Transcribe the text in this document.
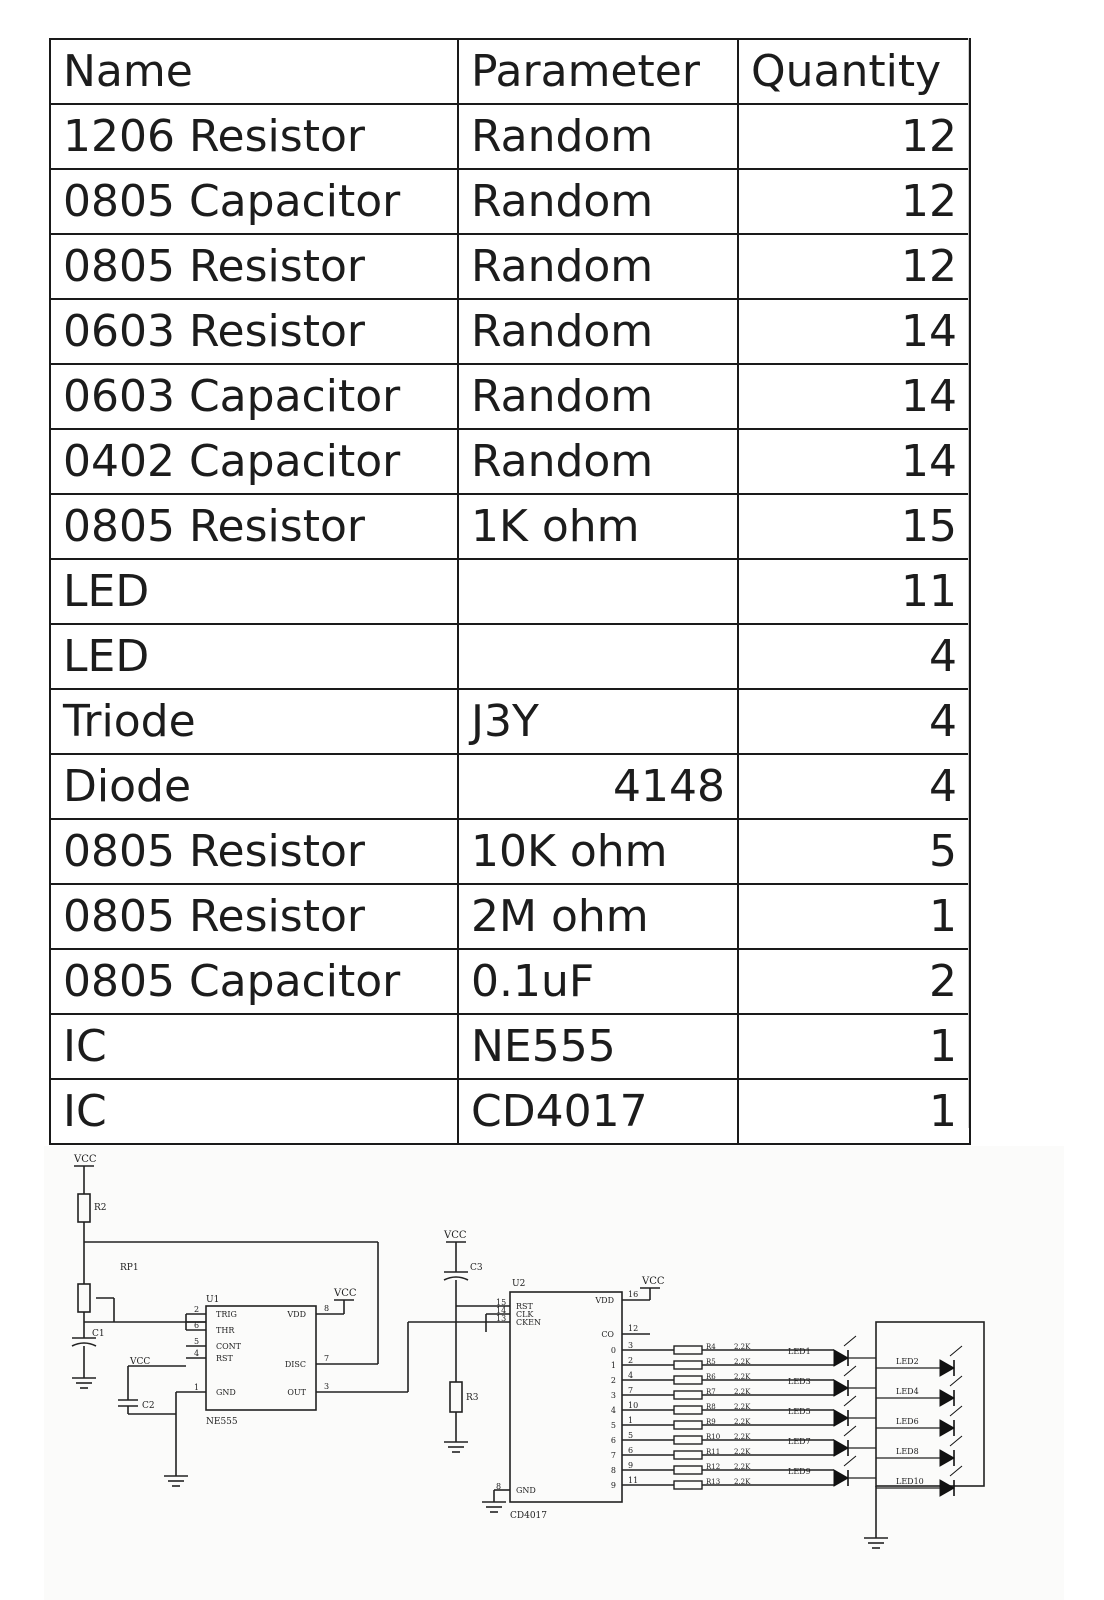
Name	Parameter	Quantity
1206 Resistor	Random	12
0805 Capacitor	Random	12
0805 Resistor	Random	12
0603 Resistor	Random	14
0603 Capacitor	Random	14
0402 Capacitor	Random	14
0805 Resistor	1K ohm	15
LED		11
LED		4
Triode	J3Y	4
Diode	4148	4
0805 Resistor	10K ohm	5
0805 Resistor	2M ohm	1
0805 Capacitor	0.1uF	2
IC	NE555	1
IC	CD4017	1
VCC
R2
RP1
C1
VCC
VCC
C2
U1
NE555
VCC
C3
R3
U2
CD4017
VCC
2
TRIG
6
THR
5
CONT
4
RST
1
GND
VDD
8
DISC
7
OUT
3
15 RST
14 CLK
13 CKEN
8 GND
VDD
16
CO
12
0
3	R4	2.2K
1
2	R5	2.2K
2
4	R6	2.2K
3
7	R7	2.2K
4
10	R8	2.2K
5
1	R9	2.2K
6
5	R10 2.2K
7
6	R11 2.2K
8
9	R12 2.2K
9
11	R13 2.2K
LED1
LED3
LED5
LED7
LED9
LED2
LED4
LED6
LED8
LED10
